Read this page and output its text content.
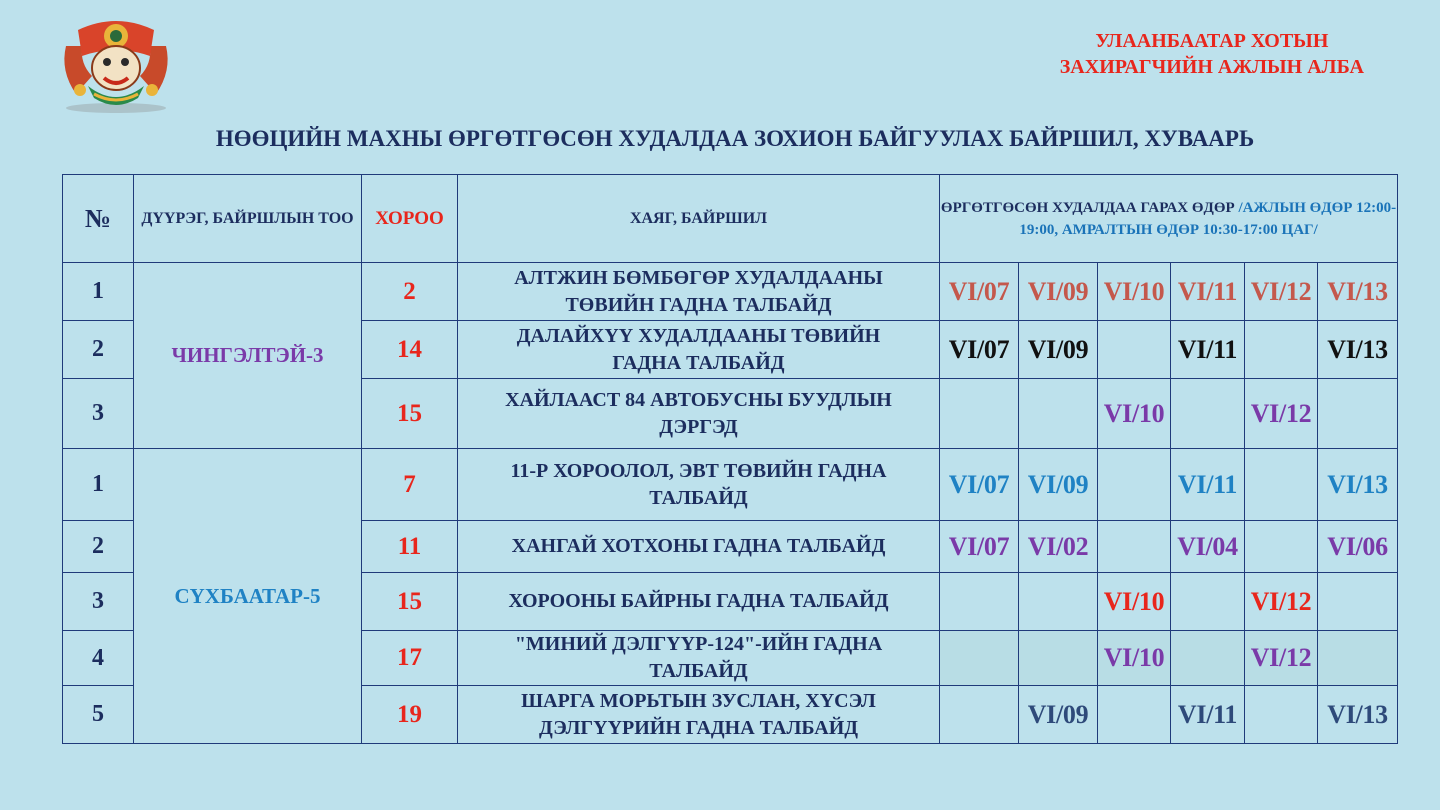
УЛААНБААТАР ХОТЫН
ЗАХИРАГЧИЙН АЖЛЫН АЛБА
НӨӨЦИЙН МАХНЫ ӨРГӨТГӨСӨН ХУДАЛДАА ЗОХИОН БАЙГУУЛАХ БАЙРШИЛ, ХУВААРЬ
№	ДҮҮРЭГ, БАЙРШЛЫН ТОО	ХОРОО	ХАЯГ, БАЙРШИЛ	ӨРГӨТГӨСӨН ХУДАЛДАА ГАРАХ ӨДӨР /АЖЛЫН ӨДӨР 12:00-19:00, АМРАЛТЫН ӨДӨР 10:30-17:00 ЦАГ/					
1	ЧИНГЭЛТЭЙ-3	2	АЛТЖИН БӨМБӨГӨР ХУДАЛДААНЫ
ТӨВИЙН ГАДНА ТАЛБАЙД	VI/07	VI/09	VI/10	VI/11	VI/12	VI/13
2		14	ДАЛАЙХҮҮ ХУДАЛДААНЫ ТӨВИЙН
ГАДНА ТАЛБАЙД	VI/07	VI/09		VI/11		VI/13
3		15	ХАЙЛААСТ 84 АВТОБУСНЫ БУУДЛЫН
ДЭРГЭД			VI/10		VI/12	
1	СҮХБААТАР-5	7	11-Р ХОРООЛОЛ, ЭВТ ТӨВИЙН ГАДНА
ТАЛБАЙД	VI/07	VI/09		VI/11		VI/13
2		11	ХАНГАЙ ХОТХОНЫ ГАДНА ТАЛБАЙД	VI/07	VI/02		VI/04		VI/06
3		15	ХОРООНЫ БАЙРНЫ ГАДНА ТАЛБАЙД			VI/10		VI/12	
4		17	"МИНИЙ ДЭЛГҮҮР-124"-ИЙН ГАДНА
ТАЛБАЙД			VI/10		VI/12	
5		19	ШАРГА МОРЬТЫН ЗУСЛАН, ХҮСЭЛ
ДЭЛГҮҮРИЙН ГАДНА ТАЛБАЙД		VI/09		VI/11		VI/13
